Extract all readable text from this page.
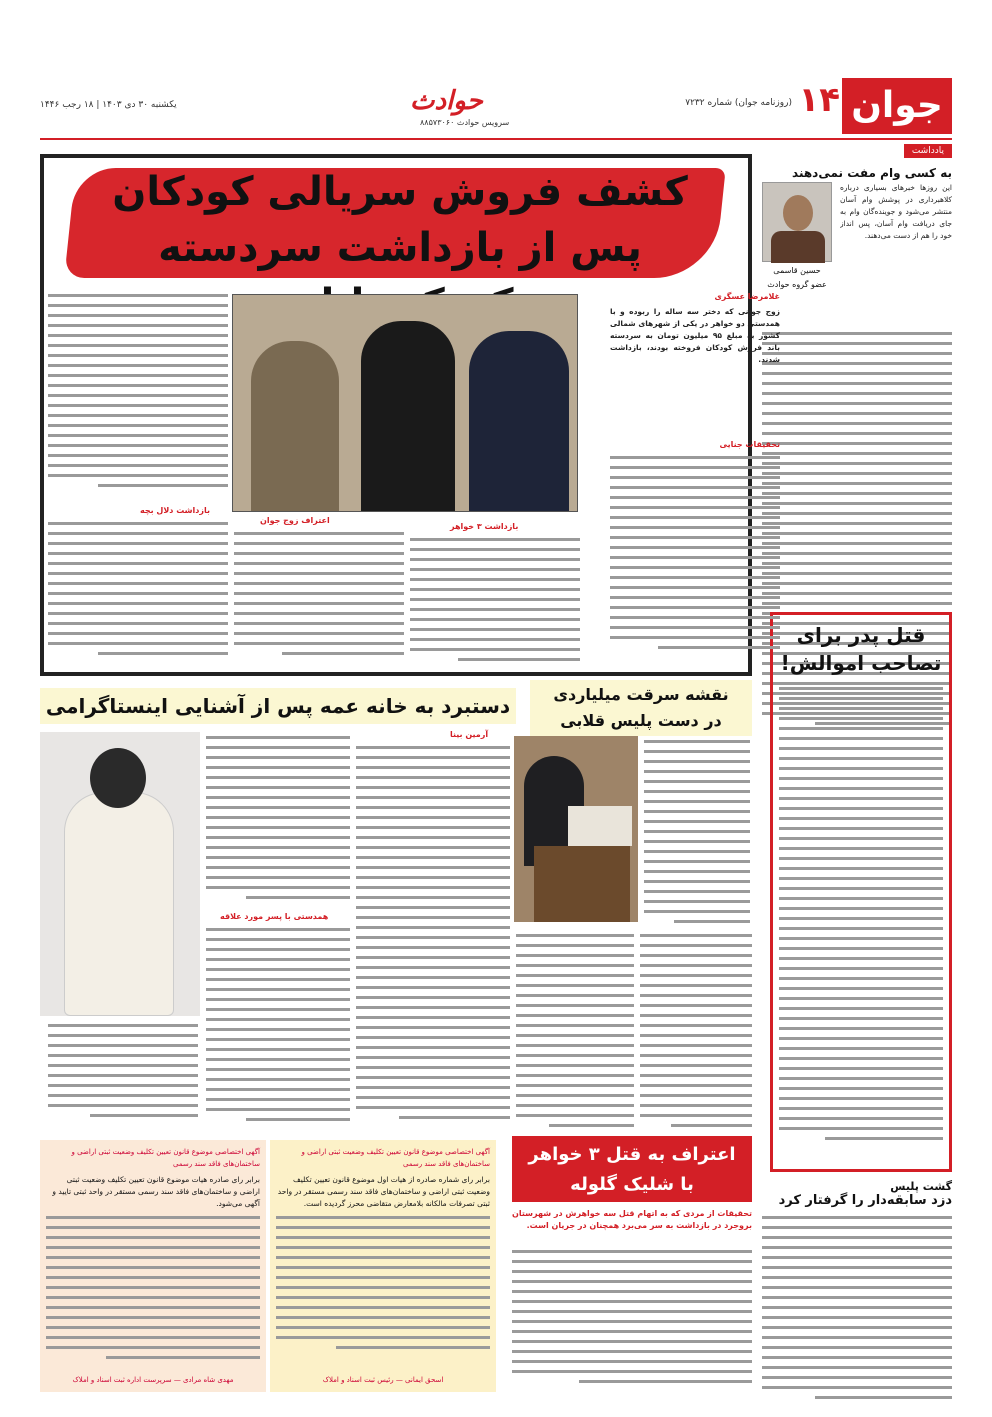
جوان
۱۴
(روزنامه جوان) شماره ۷۲۳۲
حوادث
سرویس حوادث ۸۸۵۷۳۰۶۰
یکشنبه ۳۰ دی ۱۴۰۳ | ۱۸ رجب ۱۴۴۶
یادداشت
به کسی وام مفت نمی‌دهند
حسین قاسمی
عضو گروه حوادث
این روزها خبرهای بسیاری درباره کلاهبرداری در پوشش وام آسان منتشر می‌شود و جوینده‌گان وام به جای دریافت وام آسان، پس انداز خود را هم از دست می‌دهند.
قتل پدر برای تصاحب اموالش!
کشف فروش سریالی کودکان
پس از بازداشت سردسته
غلامرضا عسگری
زوج جوانی که دختر سه ساله را ربوده و با همدستی دو خواهر در یکی از شهرهای شمالی کشور به مبلغ ۹۵ میلیون تومان به سردسته باند فروش کودکان فروخته بودند، بازداشت شدند.
تحقیقات جنایی
بازداشت دلال بچه
اعتراف زوج جوان
بازداشت ۳ خواهر
دستبرد به خانه عمه پس از آشنایی اینستاگرامی
آرمین بینا
همدستی با پسر مورد علاقه
نقشه سرقت میلیاردی
در دست پلیس قلابی
اعتراف به قتل ۳ خواهر
با شلیک گلوله
تحقیقات از مردی که به اتهام قتل سه خواهرش در شهرستان بروجرد در بازداشت به سر می‌برد همچنان در جریان است.
آگهی اختصاصی موضوع قانون تعیین تکلیف وضعیت ثبتی اراضی و ساختمان‌های فاقد سند رسمی
برابر رای صادره هیات موضوع قانون تعیین تکلیف وضعیت ثبتی اراضی و ساختمان‌های فاقد سند رسمی مستقر در واحد ثبتی تایید و آگهی می‌شود.
مهدی شاه مرادی — سرپرست اداره ثبت اسناد و املاک
آگهی اختصاصی موضوع قانون تعیین تکلیف وضعیت ثبتی اراضی و ساختمان‌های فاقد سند رسمی
برابر رای شماره صادره از هیات اول موضوع قانون تعیین تکلیف وضعیت ثبتی اراضی و ساختمان‌های فاقد سند رسمی مستقر در واحد ثبتی تصرفات مالکانه بلامعارض متقاضی محرز گردیده است.
اسحق ایمانی — رئیس ثبت اسناد و املاک
گشت پلیس
دزد سابقه‌دار را گرفتار کرد
